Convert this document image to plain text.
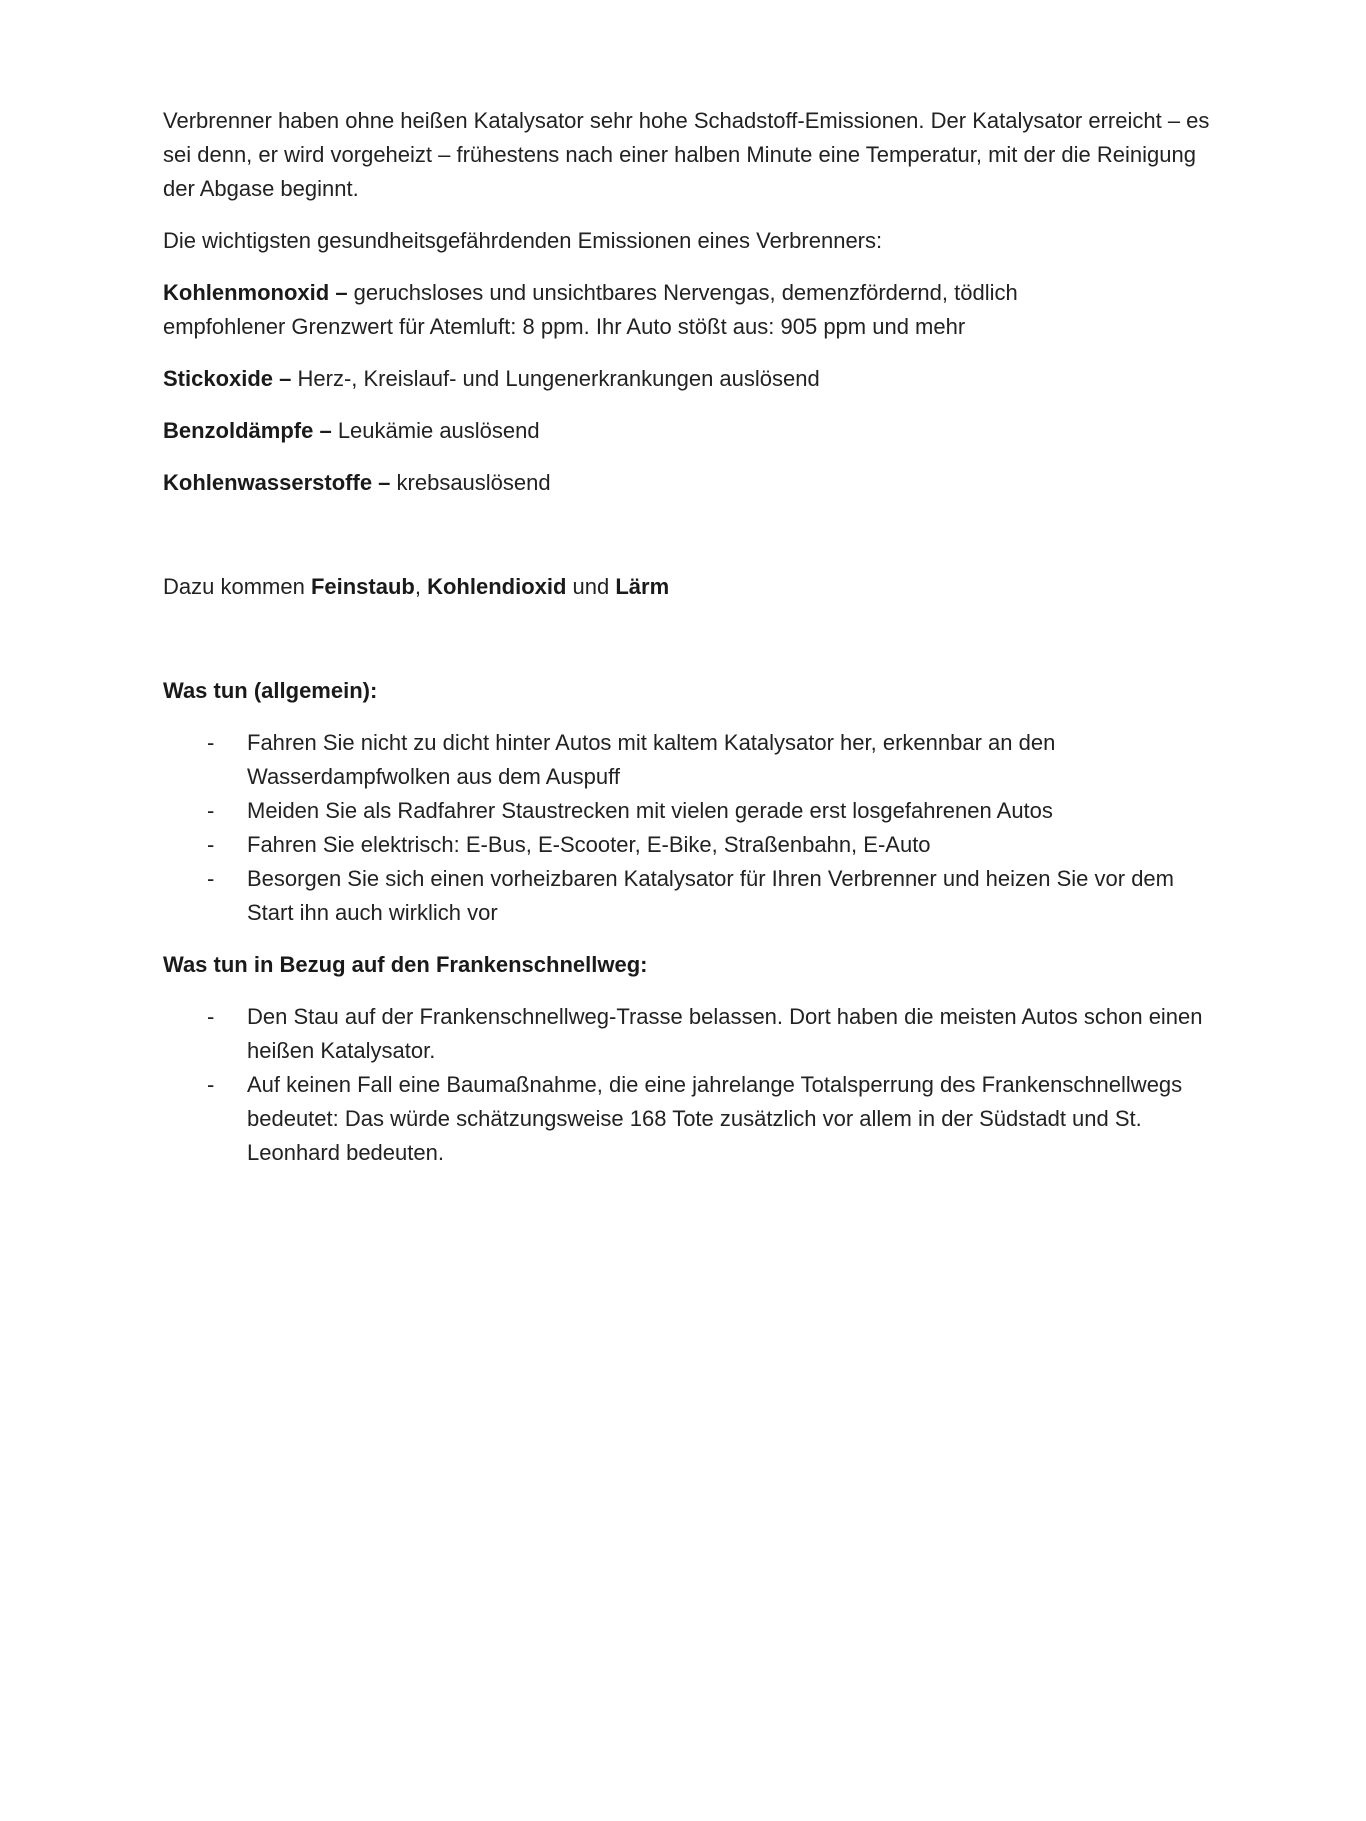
Verbrenner haben ohne heißen Katalysator sehr hohe Schadstoff-Emissionen. Der Katalysator erreicht – es sei denn, er wird vorgeheizt – frühestens nach einer halben Minute eine Temperatur, mit der die Reinigung der Abgase beginnt.

Die wichtigsten gesundheitsgefährdenden Emissionen eines Verbrenners:

Kohlenmonoxid – geruchsloses und unsichtbares Nervengas, demenzfördernd, tödlich
empfohlener Grenzwert für Atemluft: 8 ppm. Ihr Auto stößt aus: 905 ppm und mehr

Stickoxide – Herz-, Kreislauf- und Lungenerkrankungen auslösend

Benzoldämpfe – Leukämie auslösend

Kohlenwasserstoffe – krebsauslösend

Dazu kommen Feinstaub, Kohlendioxid und Lärm

Was tun (allgemein):

- Fahren Sie nicht zu dicht hinter Autos mit kaltem Katalysator her, erkennbar an den Wasserdampfwolken aus dem Auspuff
- Meiden Sie als Radfahrer Staustrecken mit vielen gerade erst losgefahrenen Autos
- Fahren Sie elektrisch: E-Bus, E-Scooter, E-Bike, Straßenbahn, E-Auto
- Besorgen Sie sich einen vorheizbaren Katalysator für Ihren Verbrenner und heizen Sie vor dem Start ihn auch wirklich vor

Was tun in Bezug auf den Frankenschnellweg:

- Den Stau auf der Frankenschnellweg-Trasse belassen. Dort haben die meisten Autos schon einen heißen Katalysator.
- Auf keinen Fall eine Baumaßnahme, die eine jahrelange Totalsperrung des Frankenschnellwegs bedeutet: Das würde schätzungsweise 168 Tote zusätzlich vor allem in der Südstadt und St. Leonhard bedeuten.
